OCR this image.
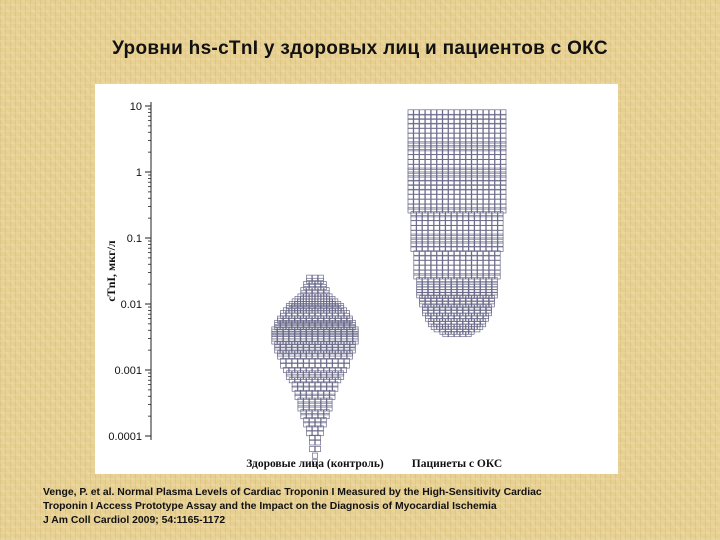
Уровни hs-cTnI у здоровых лиц и пациентов с ОКС
10
1
0.1
0.01
0.001
0.0001
cTnI, мкг/л
Здоровые лица (контроль) Пацинеты с ОКС
Venge, P. et al. Normal Plasma Levels of Cardiac Troponin I Measured by the High-Sensitivity Cardiac
Troponin I Access Prototype Assay and the Impact on the Diagnosis of Myocardial Ischemia
J Am Coll Cardiol 2009; 54:1165-1172
